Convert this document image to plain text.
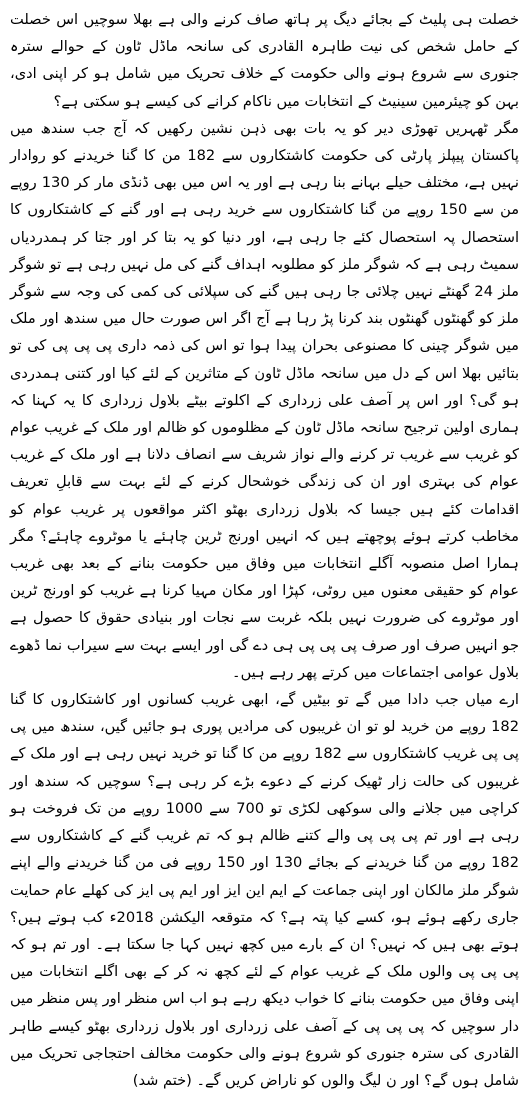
خصلت ہی پلیٹ کے بجائے دیگ پر ہاتھ صاف کرنے والی ہے بھلا سوچیں اس خصلت کے حامل شخص کی نیت طاہرہ القادری کی سانحہ ماڈل ٹاون کے حوالے سترہ جنوری سے شروع ہونے والی حکومت کے خلاف تحریک میں شامل ہو کر اپنی ادی، بہن کو چیئرمین سینیٹ کے انتخابات میں ناکام کرانے کی کیسے ہو سکتی ہے؟

مگر ٹھہریں تھوڑی دیر کو یہ بات بھی ذہن نشین رکھیں کہ آج جب سندھ میں پاکستان پیپلز پارٹی کی حکومت کاشتکاروں سے 182 من کا گنا خریدنے کو روادار نہیں ہے، مختلف حیلے بہانے بنا رہی ہے اور یہ اس میں بھی ڈنڈی مار کر 130 روپے من سے 150 روپے من گنا کاشتکاروں سے خرید رہی ہے اور گنے کے کاشتکاروں کا استحصال پہ استحصال کئے جا رہی ہے، اور دنیا کو یہ بتا کر اور جتا کر ہمدردیاں سمیٹ رہی ہے کہ شوگر ملز کو مطلوبہ اہداف گنے کی مل نہیں رہی ہے تو شوگر ملز 24 گھنٹے نہیں چلائی جا رہی ہیں گنے کی سپلائی کی کمی کی وجہ سے شوگر ملز کو گھنٹوں گھنٹوں بند کرنا پڑ رہا ہے آج اگر اس صورت حال میں سندھ اور ملک میں شوگر چینی کا مصنوعی بحران پیدا ہوا تو اس کی ذمہ داری پی پی پی کی تو بتائیں بھلا اس کے دل میں سانحہ ماڈل ٹاون کے متاثرین کے لئے کیا اور کتنی ہمدردی ہو گی؟ اور اس پر آصف علی زرداری کے اکلوتے بیٹے بلاول زرداری کا یہ کہنا کہ ہماری اولین ترجیح سانحہ ماڈل ٹاون کے مظلوموں کو ظالم اور ملک کے غریب عوام کو غریب سے غریب تر کرنے والے نواز شریف سے انصاف دلانا ہے اور ملک کے غریب عوام کی بہتری اور ان کی زندگی خوشحال کرنے کے لئے بہت سے قابلِ تعریف اقدامات کئے ہیں جیسا کہ بلاول زرداری بھٹو اکثر مواقعوں پر غریب عوام کو مخاطب کرتے ہوئے پوچھتے ہیں کہ انہیں اورنج ٹرین چاہئے یا موٹروے چاہئے؟ مگر ہمارا اصل منصوبہ آگلے انتخابات میں وفاق میں حکومت بنانے کے بعد بھی غریب عوام کو حقیقی معنوں میں روٹی، کپڑا اور مکان مہیا کرنا ہے غریب کو اورنج ٹرین اور موٹروے کی ضرورت نہیں بلکہ غربت سے نجات اور بنیادی حقوق کا حصول ہے جو انہیں صرف اور صرف پی پی پی ہی دے گی اور ایسے بہت سے سیراب نما ڈھوے بلاول عوامی اجتماعات میں کرتے پھر رہے ہیں۔

ارے میاں جب دادا میں گے تو بیٹیں گے، ابھی غریب کسانوں اور کاشتکاروں کا گنا 182 روپے من خرید لو تو ان غریبوں کی مرادیں پوری ہو جائیں گیں، سندھ میں پی پی پی غریب کاشتکاروں سے 182 روپے من کا گنا تو خرید نہیں رہی ہے اور ملک کے غریبوں کی حالت زار ٹھیک کرنے کے دعوے بڑے کر رہی ہے؟ سوچیں کہ سندھ اور کراچی میں جلانے والی سوکھی لکڑی تو 700 سے 1000 روپے من تک فروخت ہو رہی ہے اور تم پی پی پی والے کتنے ظالم ہو کہ تم غریب گنے کے کاشتکاروں سے 182 روپے من گنا خریدنے کے بجائے 130 اور 150 روپے فی من گنا خریدنے والے اپنے شوگر ملز مالکان اور اپنی جماعت کے ایم این ایز اور ایم پی ایز کی کھلے عام حمایت جاری رکھے ہوئے ہو، کسے کیا پتہ ہے؟ کہ متوقعہ الیکشن 2018ء کب ہوتے ہیں؟ ہوتے بھی ہیں کہ نہیں؟ ان کے بارے میں کچھ نہیں کہا جا سکتا ہے۔ اور تم ہو کہ پی پی پی والوں ملک کے غریب عوام کے لئے کچھ نہ کر کے بھی اگلے انتخابات میں اپنی وفاق میں حکومت بنانے کا خواب دیکھ رہے ہو اب اس منظر اور پس منظر میں دار سوچیں کہ پی پی پی کے آصف علی زرداری اور بلاول زرداری بھٹو کیسے طاہر القادری کی سترہ جنوری کو شروع ہونے والی حکومت مخالف احتجاجی تحریک میں شامل ہوں گے؟ اور ن لیگ والوں کو ناراض کریں گے۔ (ختم شد)
